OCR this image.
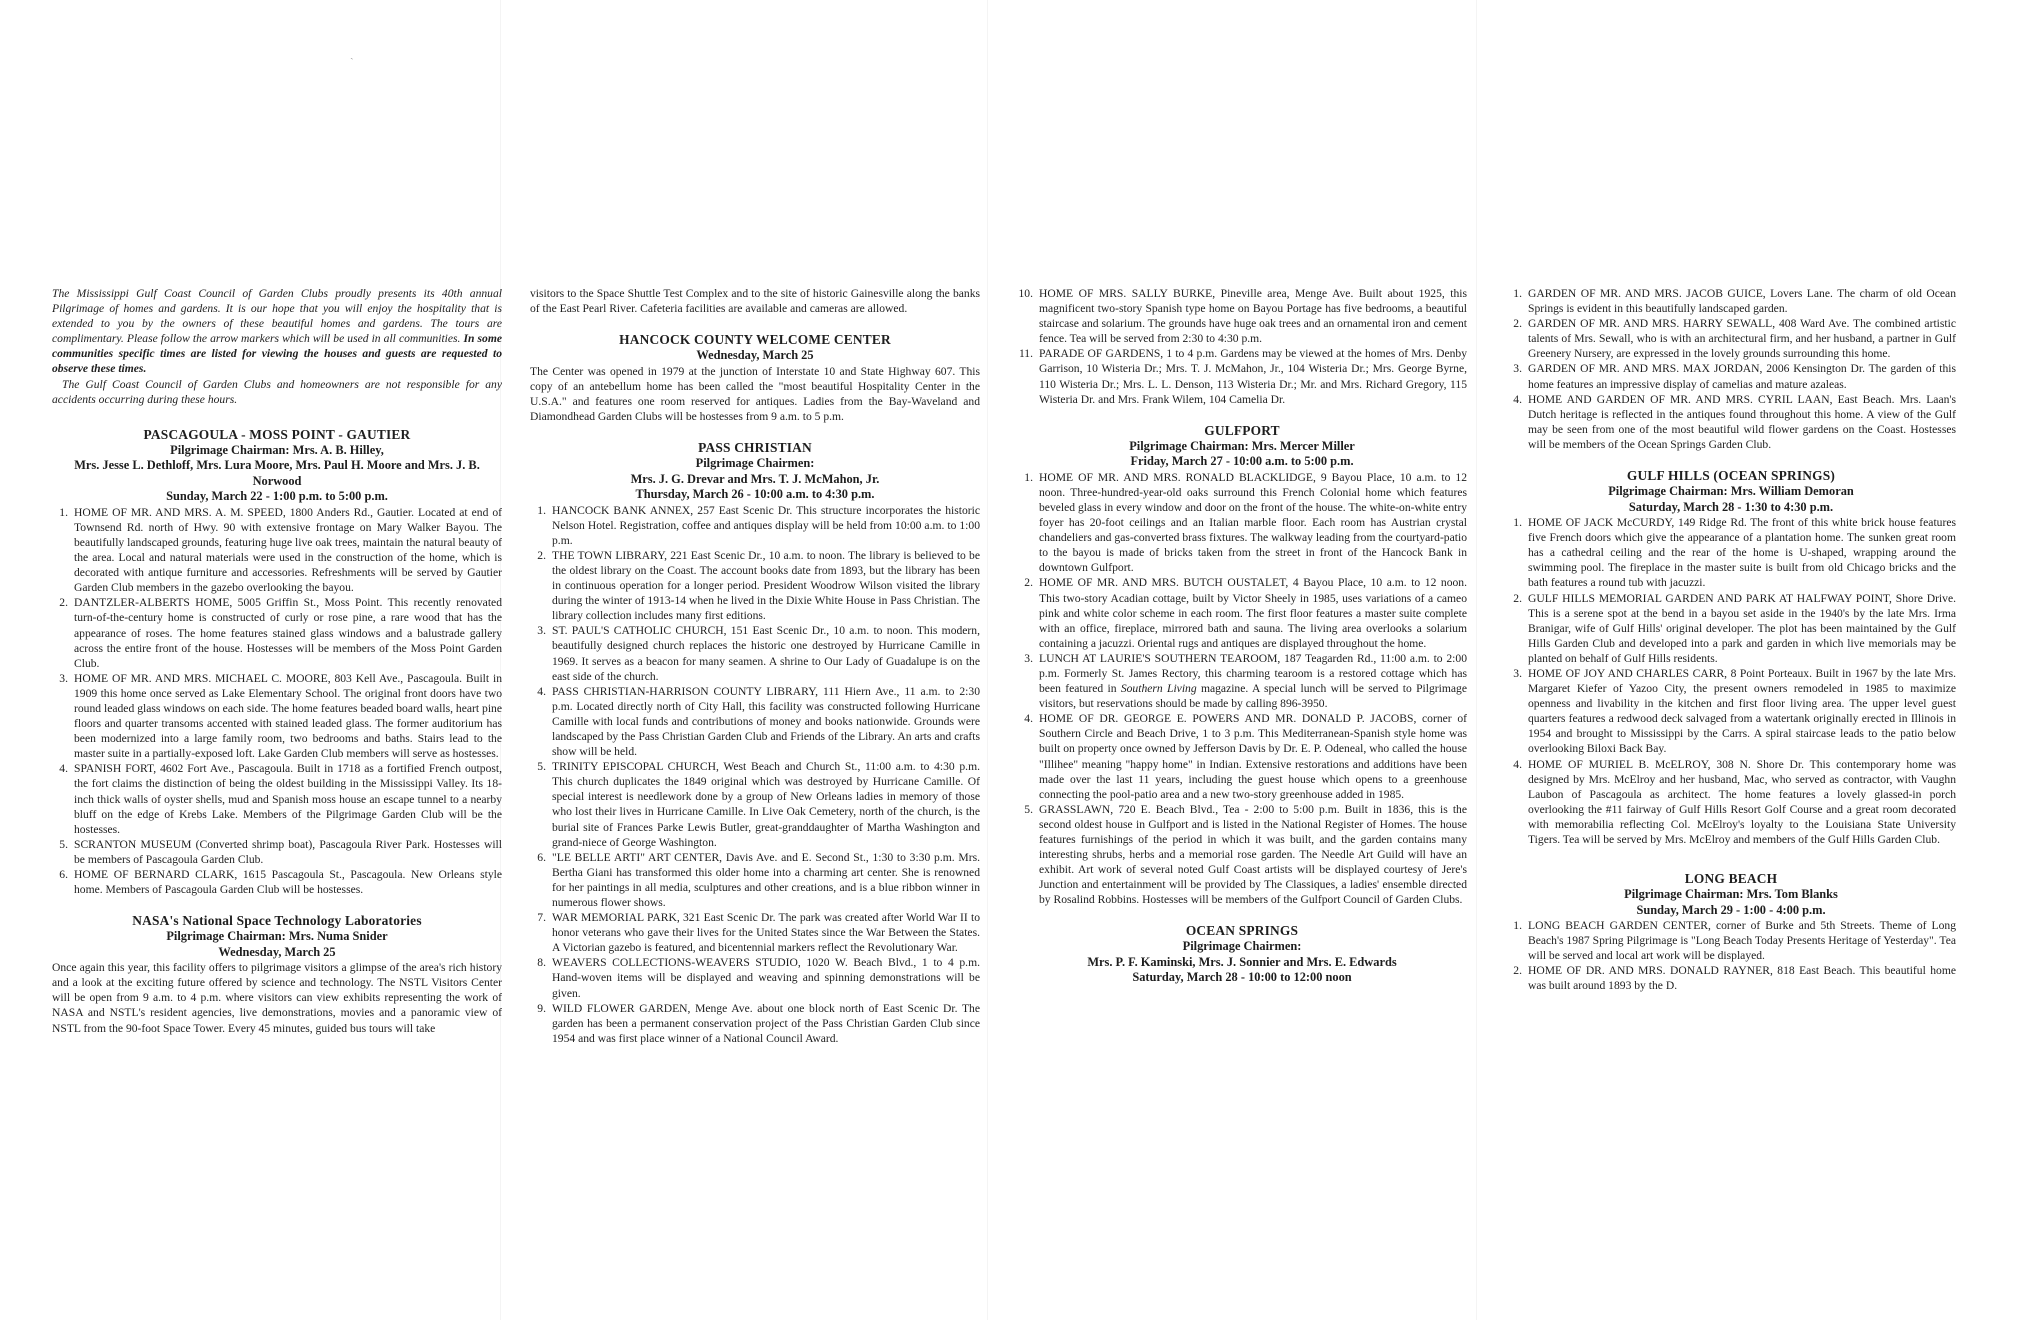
ˎ

The Mississippi Gulf Coast Council of Garden Clubs proudly presents its 40th annual Pilgrimage of homes and gardens. It is our hope that you will enjoy the hospitality that is extended to you by the owners of these beautiful homes and gardens. The tours are complimentary. Please follow the arrow markers which will be used in all communities. In some communities specific times are listed for viewing the houses and guests are requested to observe these times.

The Gulf Coast Council of Garden Clubs and homeowners are not responsible for any accidents occurring during these hours.

PASCAGOULA - MOSS POINT - GAUTIER

Pilgrimage Chairman: Mrs. A. B. Hilley,

Mrs. Jesse L. Dethloff, Mrs. Lura Moore, Mrs. Paul H. Moore and Mrs. J. B. Norwood

Sunday, March 22 - 1:00 p.m. to 5:00 p.m.

1. HOME OF MR. AND MRS. A. M. SPEED, 1800 Anders Rd., Gautier. Located at end of Townsend Rd. north of Hwy. 90 with extensive frontage on Mary Walker Bayou. The beautifully landscaped grounds, featuring huge live oak trees, maintain the natural beauty of the area. Local and natural materials were used in the construction of the home, which is decorated with antique furniture and accessories. Refreshments will be served by Gautier Garden Club members in the gazebo overlooking the bayou.
2. DANTZLER-ALBERTS HOME, 5005 Griffin St., Moss Point. This recently renovated turn-of-the-century home is constructed of curly or rose pine, a rare wood that has the appearance of roses. The home features stained glass windows and a balustrade gallery across the entire front of the house. Hostesses will be members of the Moss Point Garden Club.
3. HOME OF MR. AND MRS. MICHAEL C. MOORE, 803 Kell Ave., Pascagoula. Built in 1909 this home once served as Lake Elementary School. The original front doors have two round leaded glass windows on each side. The home features beaded board walls, heart pine floors and quarter transoms accented with stained leaded glass. The former auditorium has been modernized into a large family room, two bedrooms and baths. Stairs lead to the master suite in a partially-exposed loft. Lake Garden Club members will serve as hostesses.
4. SPANISH FORT, 4602 Fort Ave., Pascagoula. Built in 1718 as a fortified French outpost, the fort claims the distinction of being the oldest building in the Mississippi Valley. Its 18-inch thick walls of oyster shells, mud and Spanish moss house an escape tunnel to a nearby bluff on the edge of Krebs Lake. Members of the Pilgrimage Garden Club will be the hostesses.
5. SCRANTON MUSEUM (Converted shrimp boat), Pascagoula River Park. Hostesses will be members of Pascagoula Garden Club.
6. HOME OF BERNARD CLARK, 1615 Pascagoula St., Pascagoula. New Orleans style home. Members of Pascagoula Garden Club will be hostesses.

NASA's National Space Technology Laboratories

Pilgrimage Chairman: Mrs. Numa Snider

Wednesday, March 25

Once again this year, this facility offers to pilgrimage visitors a glimpse of the area's rich history and a look at the exciting future offered by science and technology. The NSTL Visitors Center will be open from 9 a.m. to 4 p.m. where visitors can view exhibits representing the work of NASA and NSTL's resident agencies, live demonstrations, movies and a panoramic view of NSTL from the 90-foot Space Tower. Every 45 minutes, guided bus tours will take

visitors to the Space Shuttle Test Complex and to the site of historic Gainesville along the banks of the East Pearl River. Cafeteria facilities are available and cameras are allowed.

HANCOCK COUNTY WELCOME CENTER

Wednesday, March 25

The Center was opened in 1979 at the junction of Interstate 10 and State Highway 607. This copy of an antebellum home has been called the "most beautiful Hospitality Center in the U.S.A." and features one room reserved for antiques. Ladies from the Bay-Waveland and Diamondhead Garden Clubs will be hostesses from 9 a.m. to 5 p.m.

PASS CHRISTIAN

Pilgrimage Chairmen:

Mrs. J. G. Drevar and Mrs. T. J. McMahon, Jr.

Thursday, March 26 - 10:00 a.m. to 4:30 p.m.

1. HANCOCK BANK ANNEX, 257 East Scenic Dr. This structure incorporates the historic Nelson Hotel. Registration, coffee and antiques display will be held from 10:00 a.m. to 1:00 p.m.
2. THE TOWN LIBRARY, 221 East Scenic Dr., 10 a.m. to noon. The library is believed to be the oldest library on the Coast. The account books date from 1893, but the library has been in continuous operation for a longer period. President Woodrow Wilson visited the library during the winter of 1913-14 when he lived in the Dixie White House in Pass Christian. The library collection includes many first editions.
3. ST. PAUL'S CATHOLIC CHURCH, 151 East Scenic Dr., 10 a.m. to noon. This modern, beautifully designed church replaces the historic one destroyed by Hurricane Camille in 1969. It serves as a beacon for many seamen. A shrine to Our Lady of Guadalupe is on the east side of the church.
4. PASS CHRISTIAN-HARRISON COUNTY LIBRARY, 111 Hiern Ave., 11 a.m. to 2:30 p.m. Located directly north of City Hall, this facility was constructed following Hurricane Camille with local funds and contributions of money and books nationwide. Grounds were landscaped by the Pass Christian Garden Club and Friends of the Library. An arts and crafts show will be held.
5. TRINITY EPISCOPAL CHURCH, West Beach and Church St., 11:00 a.m. to 4:30 p.m. This church duplicates the 1849 original which was destroyed by Hurricane Camille. Of special interest is needlework done by a group of New Orleans ladies in memory of those who lost their lives in Hurricane Camille. In Live Oak Cemetery, north of the church, is the burial site of Frances Parke Lewis Butler, great-granddaughter of Martha Washington and grand-niece of George Washington.
6. "LE BELLE ARTI" ART CENTER, Davis Ave. and E. Second St., 1:30 to 3:30 p.m. Mrs. Bertha Giani has transformed this older home into a charming art center. She is renowned for her paintings in all media, sculptures and other creations, and is a blue ribbon winner in numerous flower shows.
7. WAR MEMORIAL PARK, 321 East Scenic Dr. The park was created after World War II to honor veterans who gave their lives for the United States since the War Between the States. A Victorian gazebo is featured, and bicentennial markers reflect the Revolutionary War.
8. WEAVERS COLLECTIONS-WEAVERS STUDIO, 1020 W. Beach Blvd., 1 to 4 p.m. Hand-woven items will be displayed and weaving and spinning demonstrations will be given.
9. WILD FLOWER GARDEN, Menge Ave. about one block north of East Scenic Dr. The garden has been a permanent conservation project of the Pass Christian Garden Club since 1954 and was first place winner of a National Council Award.
10. HOME OF MRS. SALLY BURKE, Pineville area, Menge Ave. Built about 1925, this magnificent two-story Spanish type home on Bayou Portage has five bedrooms, a beautiful staircase and solarium. The grounds have huge oak trees and an ornamental iron and cement fence. Tea will be served from 2:30 to 4:30 p.m.
11. PARADE OF GARDENS, 1 to 4 p.m. Gardens may be viewed at the homes of Mrs. Denby Garrison, 10 Wisteria Dr.; Mrs. T. J. McMahon, Jr., 104 Wisteria Dr.; Mrs. George Byrne, 110 Wisteria Dr.; Mrs. L. L. Denson, 113 Wisteria Dr.; Mr. and Mrs. Richard Gregory, 115 Wisteria Dr. and Mrs. Frank Wilem, 104 Camelia Dr.

GULFPORT

Pilgrimage Chairman: Mrs. Mercer Miller

Friday, March 27 - 10:00 a.m. to 5:00 p.m.

1. HOME OF MR. AND MRS. RONALD BLACKLIDGE, 9 Bayou Place, 10 a.m. to 12 noon. Three-hundred-year-old oaks surround this French Colonial home which features beveled glass in every window and door on the front of the house. The white-on-white entry foyer has 20-foot ceilings and an Italian marble floor. Each room has Austrian crystal chandeliers and gas-converted brass fixtures. The walkway leading from the courtyard-patio to the bayou is made of bricks taken from the street in front of the Hancock Bank in downtown Gulfport.
2. HOME OF MR. AND MRS. BUTCH OUSTALET, 4 Bayou Place, 10 a.m. to 12 noon. This two-story Acadian cottage, built by Victor Sheely in 1985, uses variations of a cameo pink and white color scheme in each room. The first floor features a master suite complete with an office, fireplace, mirrored bath and sauna. The living area overlooks a solarium containing a jacuzzi. Oriental rugs and antiques are displayed throughout the home.
3. LUNCH AT LAURIE'S SOUTHERN TEAROOM, 187 Teagarden Rd., 11:00 a.m. to 2:00 p.m. Formerly St. James Rectory, this charming tearoom is a restored cottage which has been featured in Southern Living magazine. A special lunch will be served to Pilgrimage visitors, but reservations should be made by calling 896-3950.
4. HOME OF DR. GEORGE E. POWERS AND MR. DONALD P. JACOBS, corner of Southern Circle and Beach Drive, 1 to 3 p.m. This Mediterranean-Spanish style home was built on property once owned by Jefferson Davis by Dr. E. P. Odeneal, who called the house "Illihee" meaning "happy home" in Indian. Extensive restorations and additions have been made over the last 11 years, including the guest house which opens to a greenhouse connecting the pool-patio area and a new two-story greenhouse added in 1985.
5. GRASSLAWN, 720 E. Beach Blvd., Tea - 2:00 to 5:00 p.m. Built in 1836, this is the second oldest house in Gulfport and is listed in the National Register of Homes. The house features furnishings of the period in which it was built, and the garden contains many interesting shrubs, herbs and a memorial rose garden. The Needle Art Guild will have an exhibit. Art work of several noted Gulf Coast artists will be displayed courtesy of Jere's Junction and entertainment will be provided by The Classiques, a ladies' ensemble directed by Rosalind Robbins. Hostesses will be members of the Gulfport Council of Garden Clubs.

OCEAN SPRINGS

Pilgrimage Chairmen:

Mrs. P. F. Kaminski, Mrs. J. Sonnier and Mrs. E. Edwards

Saturday, March 28 - 10:00 to 12:00 noon

1. GARDEN OF MR. AND MRS. JACOB GUICE, Lovers Lane. The charm of old Ocean Springs is evident in this beautifully landscaped garden.
2. GARDEN OF MR. AND MRS. HARRY SEWALL, 408 Ward Ave. The combined artistic talents of Mrs. Sewall, who is with an architectural firm, and her husband, a partner in Gulf Greenery Nursery, are expressed in the lovely grounds surrounding this home.
3. GARDEN OF MR. AND MRS. MAX JORDAN, 2006 Kensington Dr. The garden of this home features an impressive display of camelias and mature azaleas.
4. HOME AND GARDEN OF MR. AND MRS. CYRIL LAAN, East Beach. Mrs. Laan's Dutch heritage is reflected in the antiques found throughout this home. A view of the Gulf may be seen from one of the most beautiful wild flower gardens on the Coast. Hostesses will be members of the Ocean Springs Garden Club.

GULF HILLS (OCEAN SPRINGS)

Pilgrimage Chairman: Mrs. William Demoran

Saturday, March 28 - 1:30 to 4:30 p.m.

1. HOME OF JACK McCURDY, 149 Ridge Rd. The front of this white brick house features five French doors which give the appearance of a plantation home. The sunken great room has a cathedral ceiling and the rear of the home is U-shaped, wrapping around the swimming pool. The fireplace in the master suite is built from old Chicago bricks and the bath features a round tub with jacuzzi.
2. GULF HILLS MEMORIAL GARDEN AND PARK AT HALFWAY POINT, Shore Drive. This is a serene spot at the bend in a bayou set aside in the 1940's by the late Mrs. Irma Branigar, wife of Gulf Hills' original developer. The plot has been maintained by the Gulf Hills Garden Club and developed into a park and garden in which live memorials may be planted on behalf of Gulf Hills residents.
3. HOME OF JOY AND CHARLES CARR, 8 Point Porteaux. Built in 1967 by the late Mrs. Margaret Kiefer of Yazoo City, the present owners remodeled in 1985 to maximize openness and livability in the kitchen and first floor living area. The upper level guest quarters features a redwood deck salvaged from a watertank originally erected in Illinois in 1954 and brought to Mississippi by the Carrs. A spiral staircase leads to the patio below overlooking Biloxi Back Bay.
4. HOME OF MURIEL B. McELROY, 308 N. Shore Dr. This contemporary home was designed by Mrs. McElroy and her husband, Mac, who served as contractor, with Vaughn Laubon of Pascagoula as architect. The home features a lovely glassed-in porch overlooking the #11 fairway of Gulf Hills Resort Golf Course and a great room decorated with memorabilia reflecting Col. McElroy's loyalty to the Louisiana State University Tigers. Tea will be served by Mrs. McElroy and members of the Gulf Hills Garden Club.

LONG BEACH

Pilgrimage Chairman: Mrs. Tom Blanks

Sunday, March 29 - 1:00 - 4:00 p.m.

1. LONG BEACH GARDEN CENTER, corner of Burke and 5th Streets. Theme of Long Beach's 1987 Spring Pilgrimage is "Long Beach Today Presents Heritage of Yesterday". Tea will be served and local art work will be displayed.
2. HOME OF DR. AND MRS. DONALD RAYNER, 818 East Beach. This beautiful home was built around 1893 by the D.
